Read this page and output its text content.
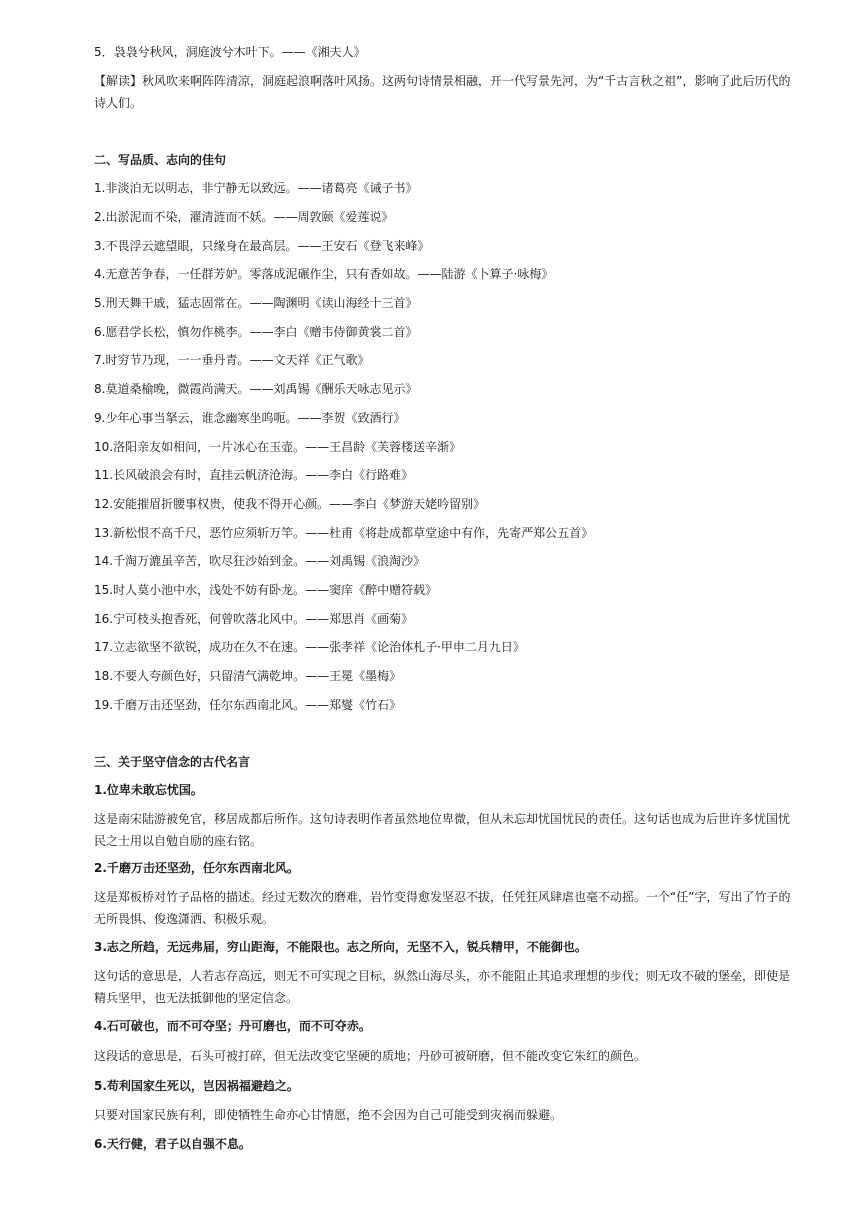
5．袅袅兮秋风，洞庭波兮木叶下。——《湘夫人》
【解读】秋风吹来啊阵阵清凉，洞庭起浪啊落叶风扬。这两句诗情景相融，开一代写景先河，为“千古言秋之祖”，影响了此后历代的诗人们。
二、写品质、志向的佳句
1.非淡泊无以明志，非宁静无以致远。——诸葛亮《诫子书》
2.出淤泥而不染，濯清涟而不妖。——周敦颐《爱莲说》
3.不畏浮云遮望眼，只缘身在最高层。——王安石《登飞来峰》
4.无意苦争春，一任群芳妒。零落成泥碾作尘，只有香如故。——陆游《卜算子·咏梅》
5.刑天舞干戚，猛志固常在。——陶渊明《读山海经十三首》
6.愿君学长松，慎勿作桃李。——李白《赠韦侍御黄裳二首》
7.时穷节乃现，一一垂丹青。——文天祥《正气歌》
8.莫道桑榆晚，微霞尚满天。——刘禹锡《酬乐天咏志见示》
9.少年心事当拏云，谁念幽寒坐呜呃。——李贺《致酒行》
10.洛阳亲友如相问，一片冰心在玉壶。——王昌龄《芙蓉楼送辛渐》
11.长风破浪会有时，直挂云帆济沧海。——李白《行路难》
12.安能摧眉折腰事权贵，使我不得开心颜。——李白《梦游天姥吟留别》
13.新松恨不高千尺，恶竹应须斩万竿。——杜甫《将赴成都草堂途中有作，先寄严郑公五首》
14.千淘万漉虽辛苦，吹尽狂沙始到金。——刘禹锡《浪淘沙》
15.时人莫小池中水，浅处不妨有卧龙。——窦庠《醉中赠符载》
16.宁可枝头抱香死，何曾吹落北风中。——郑思肖《画菊》
17.立志欲坚不欲锐，成功在久不在速。——张孝祥《论治体札子·甲申二月九日》
18.不要人夸颜色好，只留清气满乾坤。——王冕《墨梅》
19.千磨万击还坚劲，任尔东西南北风。——郑燮《竹石》
三、关于坚守信念的古代名言
1.位卑未敢忘忧国。
这是南宋陆游被免官，移居成都后所作。这句诗表明作者虽然地位卑微，但从未忘却忧国忧民的责任。这句话也成为后世许多忧国忧民之士用以自勉自励的座右铭。
2.千磨万击还坚劲，任尔东西南北风。
这是郑板桥对竹子品格的描述。经过无数次的磨难，岩竹变得愈发坚忍不拔，任凭狂风肆虐也毫不动摇。一个“任”字，写出了竹子的无所畏惧、俊逸潇洒、积极乐观。
3.志之所趋，无远弗届，穷山距海，不能限也。志之所向，无坚不入，锐兵精甲，不能御也。
这句话的意思是，人若志存高远，则无不可实现之目标，纵然山海尽头，亦不能阻止其追求理想的步伐；则无攻不破的堡垒，即使是精兵坚甲，也无法抵御他的坚定信念。
4.石可破也，而不可夺坚；丹可磨也，而不可夺赤。
这段话的意思是，石头可被打碎，但无法改变它坚硬的质地；丹砂可被研磨，但不能改变它朱红的颜色。
5.苟利国家生死以，岂因祸福避趋之。
只要对国家民族有利，即使牺牲生命亦心甘情愿，绝不会因为自己可能受到灾祸而躲避。
6.天行健，君子以自强不息。
